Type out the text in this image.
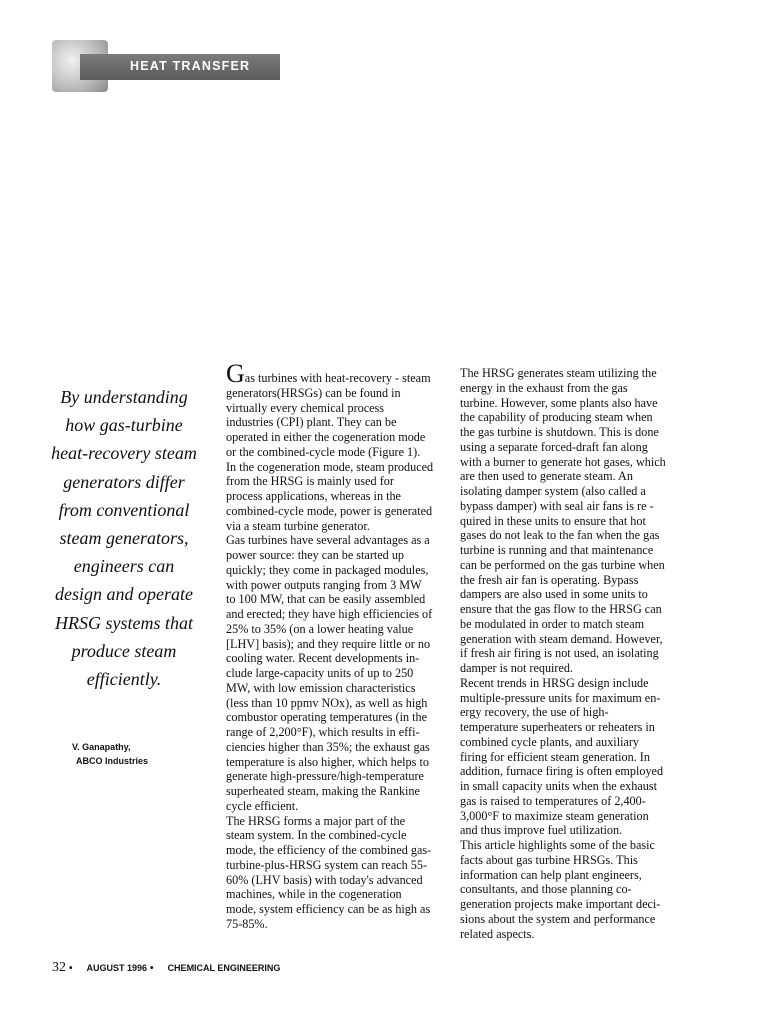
HEAT TRANSFER
By understanding
how gas-turbine
heat-recovery steam
generators differ
from conventional
steam generators,
engineers can
design and operate
HRSG systems that
produce steam
efficiently.
V. Ganapathy,
ABCO Industries
Gas turbines with heat-recovery - steam
generators(HRSGs) can be found in
virtually every chemical process
industries (CPI) plant. They can be
operated in either the cogeneration mode
or the combined-cycle mode (Figure 1).
In the cogeneration mode, steam produced
from the HRSG is mainly used for
process applications, whereas in the
combined-cycle mode, power is generated
via a steam turbine generator.
Gas turbines have several advantages as a
power source: they can be started up
quickly; they come in packaged modules,
with power outputs ranging from 3 MW
to 100 MW, that can be easily assembled
and erected; they have high efficiencies of
25% to 35% (on a lower heating value
[LHV] basis); and they require little or no
cooling water. Recent developments in-
clude large-capacity units of up to 250
MW, with low emission characteristics
(less than 10 ppmv NOx), as well as high
combustor operating temperatures (in the
range of 2,200°F), which results in effi-
ciencies higher than 35%; the exhaust gas
temperature is also higher, which helps to
generate high-pressure/high-temperature
superheated steam, making the Rankine
cycle efficient.
The HRSG forms a major part of the
steam system. In the combined-cycle
mode, the efficiency of the combined gas-
turbine-plus-HRSG system can reach 55-
60% (LHV basis) with today's advanced
machines, while in the cogeneration
mode, system efficiency can be as high as
75-85%.
The HRSG generates steam utilizing the
energy in the exhaust from the gas
turbine. However, some plants also have
the capability of producing steam when
the gas turbine is shutdown. This is done
using a separate forced-draft fan along
with a burner to generate hot gases, which
are then used to generate steam. An
isolating damper system (also called a
bypass damper) with seal air fans is re -
quired in these units to ensure that hot
gases do not leak to the fan when the gas
turbine is running and that maintenance
can be performed on the gas turbine when
the fresh air fan is operating. Bypass
dampers are also used in some units to
ensure that the gas flow to the HRSG can
be modulated in order to match steam
generation with steam demand. However,
if fresh air firing is not used, an isolating
damper is not required.
Recent trends in HRSG design include
multiple-pressure units for maximum en-
ergy recovery, the use of high-
temperature superheaters or reheaters in
combined cycle plants, and auxiliary
firing for efficient steam generation. In
addition, furnace firing is often employed
in small capacity units when the exhaust
gas is raised to temperatures of 2,400-
3,000°F to maximize steam generation
and thus improve fuel utilization.
This article highlights some of the basic
facts about gas turbine HRSGs. This
information can help plant engineers,
consultants, and those planning co-
generation projects make important deci-
sions about the system and performance
related aspects.
32 • AUGUST 1996 • CHEMICAL ENGINEERING
